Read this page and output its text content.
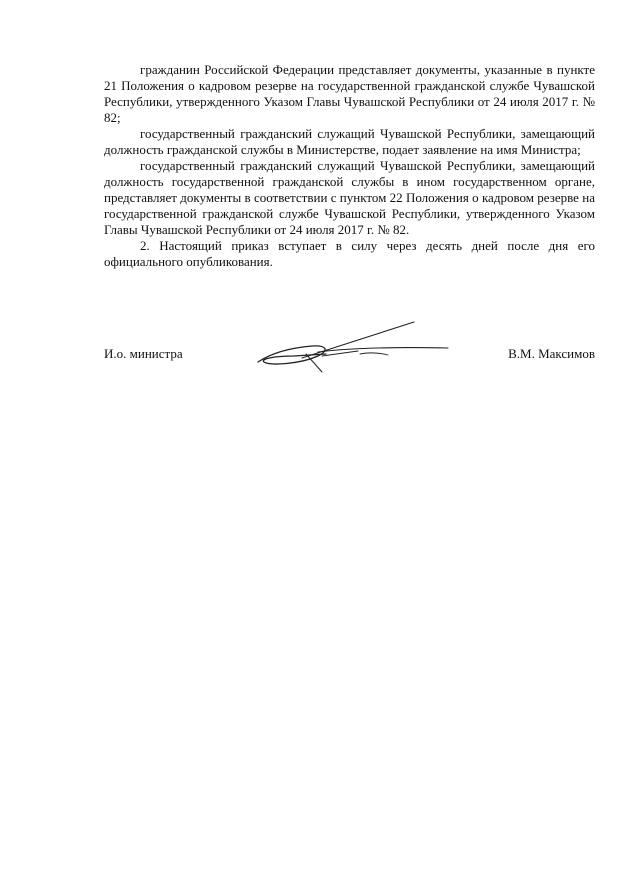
гражданин Российской Федерации представляет документы, указанные в пункте 21 Положения о кадровом резерве на государственной гражданской службе Чувашской Республики, утвержденного Указом Главы Чувашской Республики от 24 июля 2017 г. № 82;

государственный гражданский служащий Чувашской Республики, замещающий должность гражданской службы в Министерстве, подает заявление на имя Министра;

государственный гражданский служащий Чувашской Республики, замещающий должность государственной гражданской службы в ином государственном органе, представляет документы в соответствии с пунктом 22 Положения о кадровом резерве на государственной гражданской службе Чувашской Республики, утвержденного Указом Главы Чувашской Республики от 24 июля 2017 г. № 82.

2. Настоящий приказ вступает в силу через десять дней после дня его официального опубликования.

И.о. министра	В.М. Максимов
